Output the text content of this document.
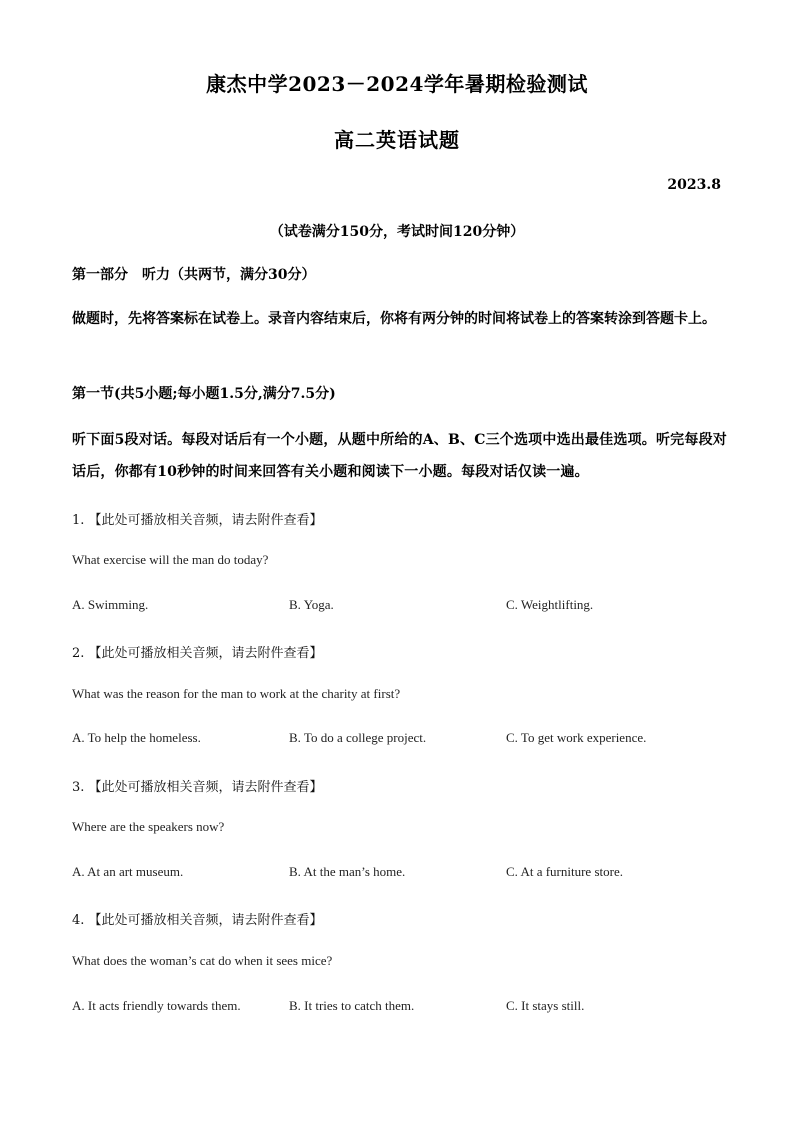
康杰中学2023－2024学年暑期检验测试
高二英语试题
2023.8
（试卷满分150分，考试时间120分钟）
第一部分　听力（共两节，满分30分）
做题时，先将答案标在试卷上。录音内容结束后，你将有两分钟的时间将试卷上的答案转涂到答题卡上。
第一节(共5小题;每小题1.5分,满分7.5分)
听下面5段对话。每段对话后有一个小题，从题中所给的A、B、C三个选项中选出最佳选项。听完每段对话后，你都有10秒钟的时间来回答有关小题和阅读下一小题。每段对话仅读一遍。
1. 【此处可播放相关音频，请去附件查看】
What exercise will the man do today?
A. Swimming.	B. Yoga.	C. Weightlifting.
2. 【此处可播放相关音频，请去附件查看】
What was the reason for the man to work at the charity at first?
A. To help the homeless.	B. To do a college project.	C. To get work experience.
3. 【此处可播放相关音频，请去附件查看】
Where are the speakers now?
A. At an art museum.	B. At the man’s home.	C. At a furniture store.
4. 【此处可播放相关音频，请去附件查看】
What does the woman’s cat do when it sees mice?
A. It acts friendly towards them.	B. It tries to catch them.	C. It stays still.
